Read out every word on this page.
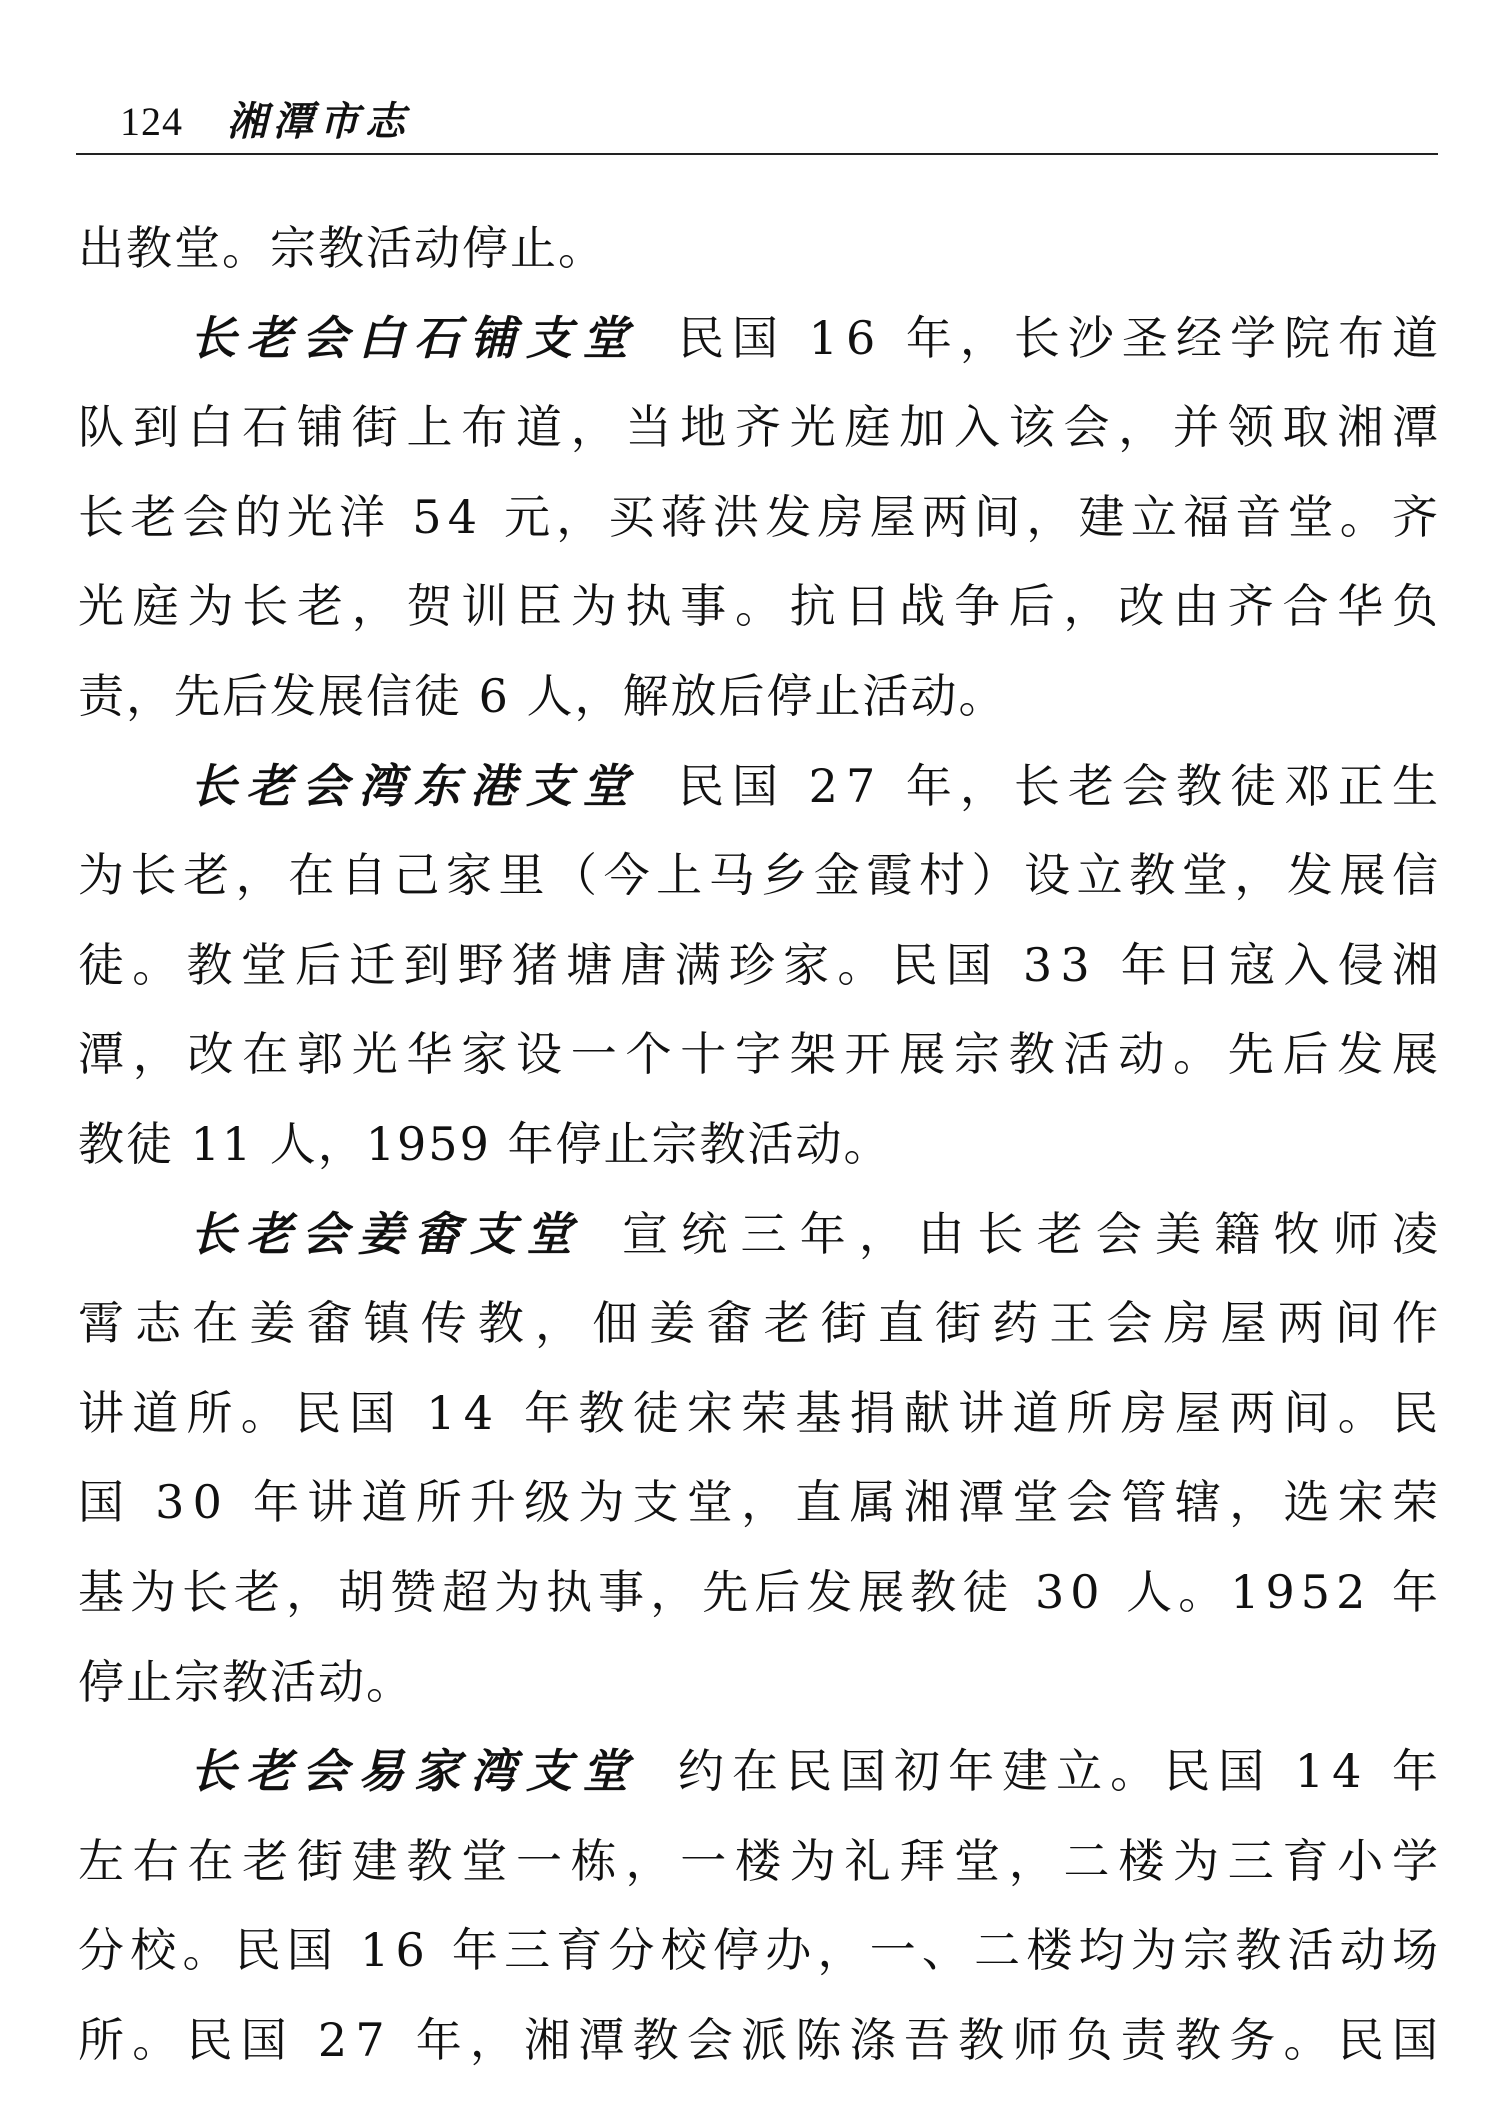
124 湘潭市志
出教堂。宗教活动停止。
长老会白石铺支堂 民国 16 年，长沙圣经学院布道
队到白石铺街上布道，当地齐光庭加入该会，并领取湘潭
长老会的光洋 54 元，买蒋洪发房屋两间，建立福音堂。齐
光庭为长老，贺训臣为执事。抗日战争后，改由齐合华负
责，先后发展信徒 6 人，解放后停止活动。
长老会湾东港支堂 民国 27 年，长老会教徒邓正生
为长老，在自己家里（今上马乡金霞村）设立教堂，发展信
徒。教堂后迁到野猪塘唐满珍家。民国 33 年日寇入侵湘
潭，改在郭光华家设一个十字架开展宗教活动。先后发展
教徒 11 人，1959 年停止宗教活动。
长老会姜畬支堂 宣统三年，由长老会美籍牧师凌
霄志在姜畬镇传教，佃姜畬老街直街药王会房屋两间作
讲道所。民国 14 年教徒宋荣基捐献讲道所房屋两间。民
国 30 年讲道所升级为支堂，直属湘潭堂会管辖，选宋荣
基为长老，胡赞超为执事，先后发展教徒 30 人。1952 年
停止宗教活动。
长老会易家湾支堂 约在民国初年建立。民国 14 年
左右在老街建教堂一栋，一楼为礼拜堂，二楼为三育小学
分校。民国 16 年三育分校停办，一、二楼均为宗教活动场
所。民国 27 年，湘潭教会派陈涤吾教师负责教务。民国
